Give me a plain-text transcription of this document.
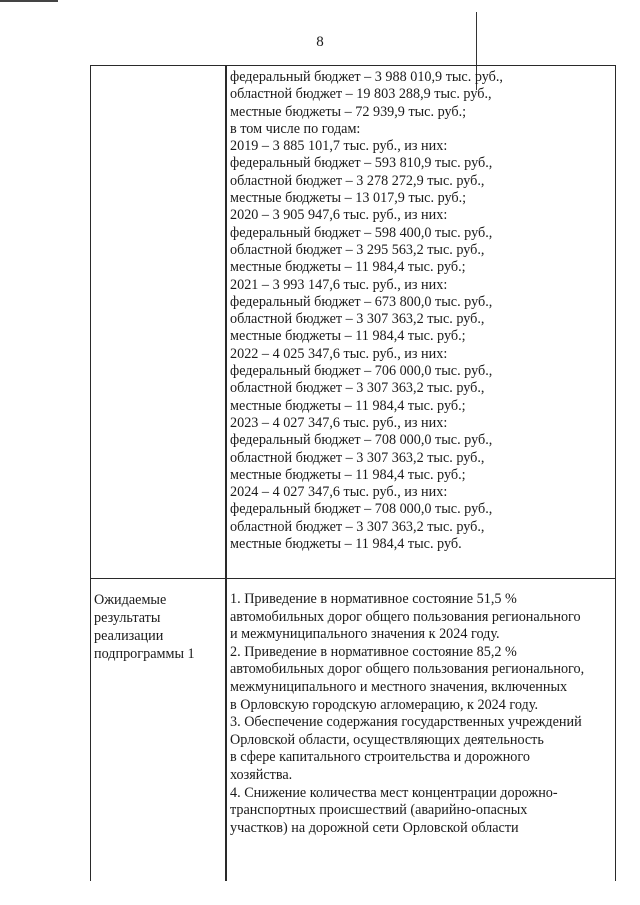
8
федеральный бюджет – 3 988 010,9 тыс. руб.,
областной бюджет – 19 803 288,9 тыс. руб.,
местные бюджеты – 72 939,9 тыс. руб.;
в том числе по годам:
2019 – 3 885 101,7 тыс. руб., из них:
федеральный бюджет – 593 810,9 тыс. руб.,
областной бюджет – 3 278 272,9 тыс. руб.,
местные бюджеты – 13 017,9 тыс. руб.;
2020 – 3 905 947,6 тыс. руб., из них:
федеральный бюджет – 598 400,0 тыс. руб.,
областной бюджет – 3 295 563,2 тыс. руб.,
местные бюджеты – 11 984,4 тыс. руб.;
2021 – 3 993 147,6 тыс. руб., из них:
федеральный бюджет – 673 800,0 тыс. руб.,
областной бюджет – 3 307 363,2 тыс. руб.,
местные бюджеты – 11 984,4 тыс. руб.;
2022 – 4 025 347,6 тыс. руб., из них:
федеральный бюджет – 706 000,0 тыс. руб.,
областной бюджет – 3 307 363,2 тыс. руб.,
местные бюджеты – 11 984,4 тыс. руб.;
2023 – 4 027 347,6 тыс. руб., из них:
федеральный бюджет – 708 000,0 тыс. руб.,
областной бюджет – 3 307 363,2 тыс. руб.,
местные бюджеты – 11 984,4 тыс. руб.;
2024 – 4 027 347,6 тыс. руб., из них:
федеральный бюджет – 708 000,0 тыс. руб.,
областной бюджет – 3 307 363,2 тыс. руб.,
местные бюджеты – 11 984,4 тыс. руб.
Ожидаемые
результаты
реализации
подпрограммы 1
1. Приведение в нормативное состояние 51,5 %
автомобильных дорог общего пользования регионального
и межмуниципального значения к 2024 году.
2. Приведение в нормативное состояние 85,2 %
автомобильных дорог общего пользования регионального,
межмуниципального и местного значения, включенных
в Орловскую городскую агломерацию, к 2024 году.
3. Обеспечение содержания государственных учреждений
Орловской области, осуществляющих деятельность
в сфере капитального строительства и дорожного
хозяйства.
4. Снижение количества мест концентрации дорожно-
транспортных происшествий (аварийно-опасных
участков) на дорожной сети Орловской области
